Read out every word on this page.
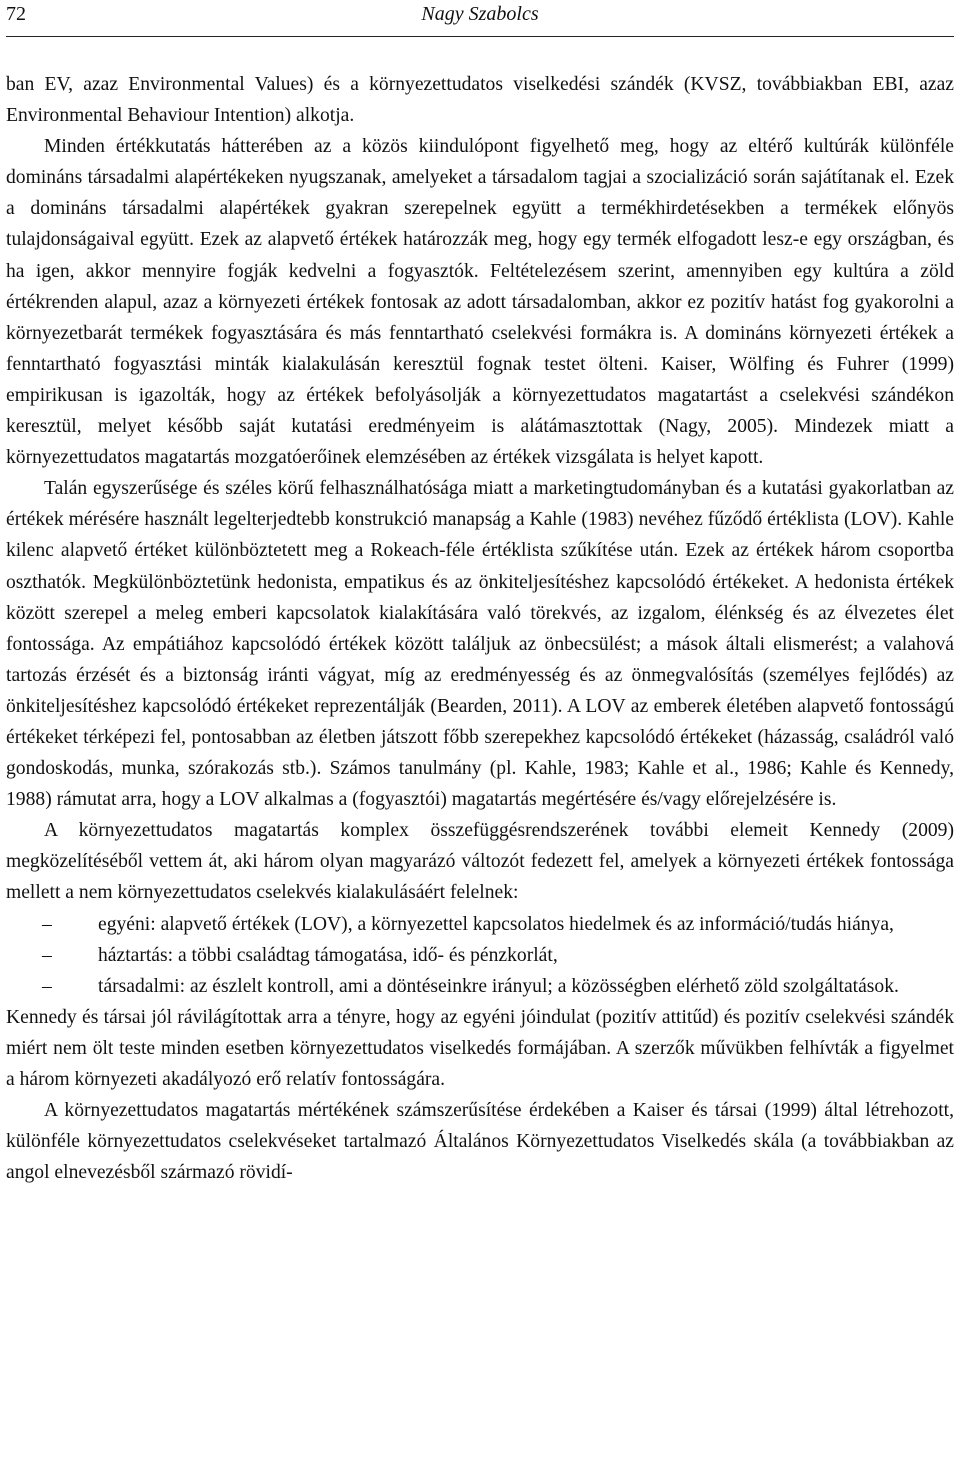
72	Nagy Szabolcs

ban EV, azaz Environmental Values) és a környezettudatos viselkedési szándék (KVSZ, továbbiakban EBI, azaz Environmental Behaviour Intention) alkotja.

Minden értékkutatás hátterében az a közös kiindulópont figyelhető meg, hogy az eltérő kultúrák különféle domináns társadalmi alapértékeken nyugszanak, amelyeket a társadalom tagjai a szocializáció során sajátítanak el. Ezek a domináns társadalmi alapértékek gyakran szerepelnek együtt a termékhirdetésekben a termékek előnyös tulajdonságaival együtt. Ezek az alapvető értékek határozzák meg, hogy egy termék elfogadott lesz-e egy országban, és ha igen, akkor mennyire fogják kedvelni a fogyasztók. Feltételezésem szerint, amennyiben egy kultúra a zöld értékrenden alapul, azaz a környezeti értékek fontosak az adott társadalomban, akkor ez pozitív hatást fog gyakorolni a környezetbarát termékek fogyasztására és más fenntartható cselekvési formákra is. A domináns környezeti értékek a fenntartható fogyasztási minták kialakulásán keresztül fognak testet ölteni. Kaiser, Wölfing és Fuhrer (1999) empirikusan is igazolták, hogy az értékek befolyásolják a környezettudatos magatartást a cselekvési szándékon keresztül, melyet később saját kutatási eredményeim is alátámasztottak (Nagy, 2005). Mindezek miatt a környezettudatos magatartás mozgatóerőinek elemzésében az értékek vizsgálata is helyet kapott.

Talán egyszerűsége és széles körű felhasználhatósága miatt a marketingtudományban és a kutatási gyakorlatban az értékek mérésére használt legelterjedtebb konstrukció manapság a Kahle (1983) nevéhez fűződő értéklista (LOV). Kahle kilenc alapvető értéket különböztetett meg a Rokeach-féle értéklista szűkítése után. Ezek az értékek három csoportba oszthatók. Megkülönböztetünk hedonista, empatikus és az önkiteljesítéshez kapcsolódó értékeket. A hedonista értékek között szerepel a meleg emberi kapcsolatok kialakítására való törekvés, az izgalom, élénkség és az élvezetes élet fontossága. Az empátiához kapcsolódó értékek között találjuk az önbecsülést; a mások általi elismerést; a valahová tartozás érzését és a biztonság iránti vágyat, míg az eredményesség és az önmegvalósítás (személyes fejlődés) az önkiteljesítéshez kapcsolódó értékeket reprezentálják (Bearden, 2011). A LOV az emberek életében alapvető fontosságú értékeket térképezi fel, pontosabban az életben játszott főbb szerepekhez kapcsolódó értékeket (házasság, családról való gondoskodás, munka, szórakozás stb.). Számos tanulmány (pl. Kahle, 1983; Kahle et al., 1986; Kahle és Kennedy, 1988) rámutat arra, hogy a LOV alkalmas a (fogyasztói) magatartás megértésére és/vagy előrejelzésére is.

A környezettudatos magatartás komplex összefüggésrendszerének további elemeit Kennedy (2009) megközelítéséből vettem át, aki három olyan magyarázó változót fedezett fel, amelyek a környezeti értékek fontossága mellett a nem környezettudatos cselekvés kialakulásáért felelnek:

– egyéni: alapvető értékek (LOV), a környezettel kapcsolatos hiedelmek és az információ/tudás hiánya,
– háztartás: a többi családtag támogatása, idő- és pénzkorlát,
– társadalmi: az észlelt kontroll, ami a döntéseinkre irányul; a közösségben elérhető zöld szolgáltatások.

Kennedy és társai jól rávilágítottak arra a tényre, hogy az egyéni jóindulat (pozitív attitűd) és pozitív cselekvési szándék miért nem ölt teste minden esetben környezettudatos viselkedés formájában. A szerzők művükben felhívták a figyelmet a három környezeti akadályozó erő relatív fontosságára.

A környezettudatos magatartás mértékének számszerűsítése érdekében a Kaiser és társai (1999) által létrehozott, különféle környezettudatos cselekvéseket tartalmazó Általános Környezettudatos Viselkedés skála (a továbbiakban az angol elnevezésből származó rövidí-
